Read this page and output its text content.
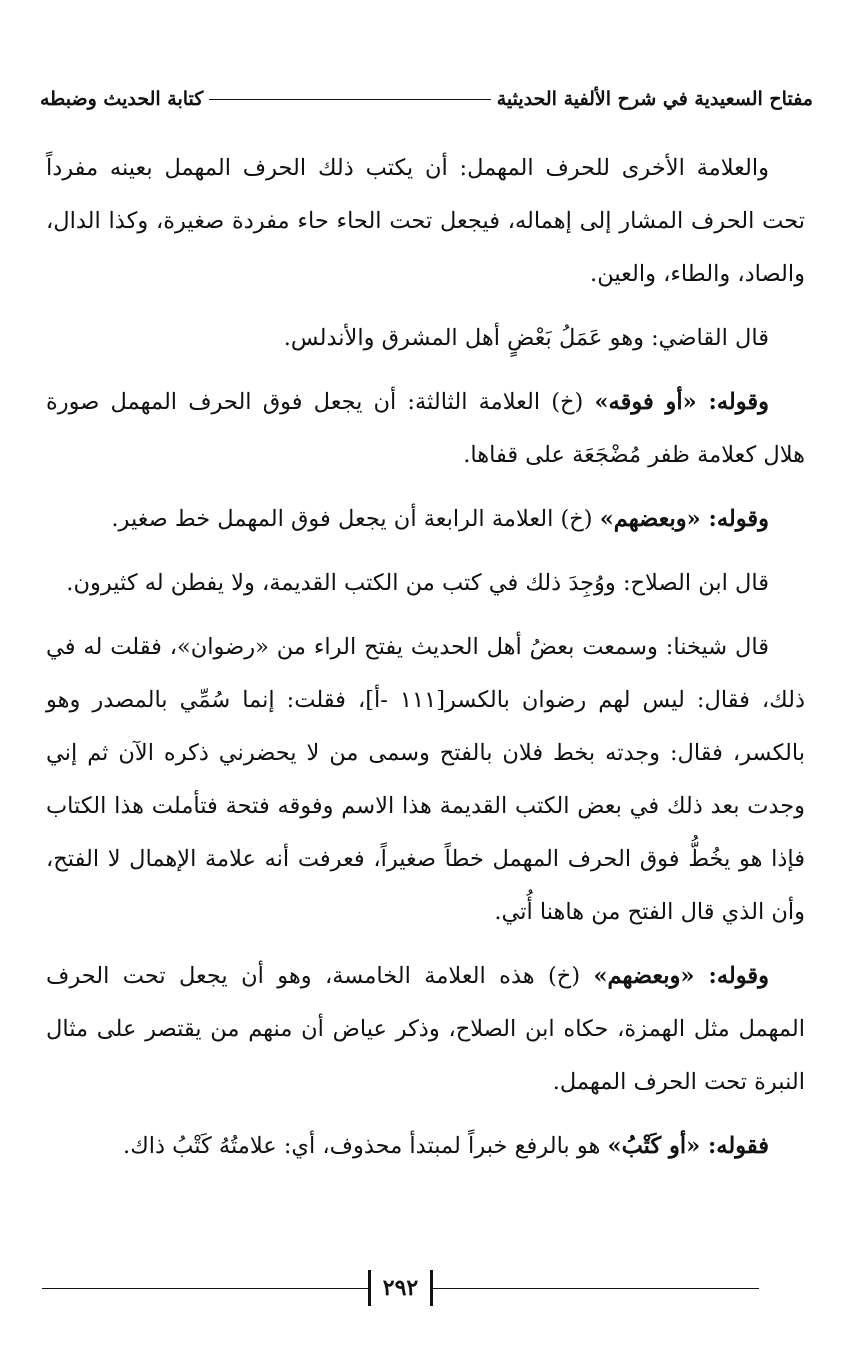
مفتاح السعيدية في شرح الألفية الحديثية
كتابة الحديث وضبطه

والعلامة الأخرى للحرف المهمل: أن يكتب ذلك الحرف المهمل بعينه مفرداً تحت الحرف المشار إلى إهماله، فيجعل تحت الحاء حاء مفردة صغيرة، وكذا الدال، والصاد، والطاء، والعين.

قال القاضي: وهو عَمَلُ بَعْضٍ أهل المشرق والأندلس.

وقوله: «أو فوقه» (خ) العلامة الثالثة: أن يجعل فوق الحرف المهمل صورة هلال كعلامة ظفر مُضْجَعَة على قفاها.

وقوله: «وبعضهم» (خ) العلامة الرابعة أن يجعل فوق المهمل خط صغير.

قال ابن الصلاح: ووُجِدَ ذلك في كتب من الكتب القديمة، ولا يفطن له كثيرون.

قال شيخنا: وسمعت بعضُ أهل الحديث يفتح الراء من «رضوان»، فقلت له في ذلك، فقال: ليس لهم رضوان بالكسر[١١١ -أ]، فقلت: إنما سُمِّي بالمصدر وهو بالكسر، فقال: وجدته بخط فلان بالفتح وسمى من لا يحضرني ذكره الآن ثم إني وجدت بعد ذلك في بعض الكتب القديمة هذا الاسم وفوقه فتحة فتأملت هذا الكتاب فإذا هو يخُطُّ فوق الحرف المهمل خطاً صغيراً، فعرفت أنه علامة الإهمال لا الفتح، وأن الذي قال الفتح من هاهنا أُتي.

وقوله: «وبعضهم» (خ) هذه العلامة الخامسة، وهو أن يجعل تحت الحرف المهمل مثل الهمزة، حكاه ابن الصلاح، وذكر عياض أن منهم من يقتصر على مثال النبرة تحت الحرف المهمل.

فقوله: «أو كَتْبُ» هو بالرفع خبراً لمبتدأ محذوف، أي: علامتُهُ كَتْبُ ذاك.

٢٩٢
